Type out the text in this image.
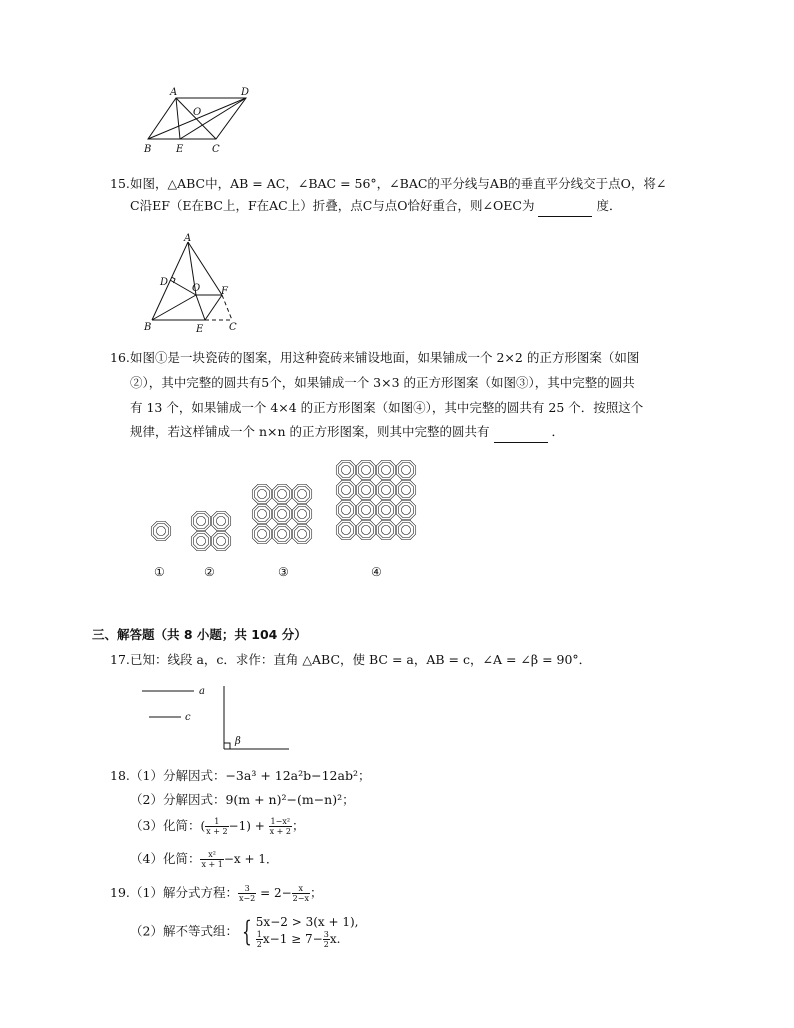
A	D
O
B E	C
15. 如图，△ABC中，AB = AC，∠BAC = 56°，∠BAC的平分线与AB的垂直平分线交于点O，将∠
C沿EF（E在BC上，F在AC上）折叠，点C与点O恰好重合，则∠OEC为	度．
A
D
O F
B	E	C
16. 如图①是一块瓷砖的图案，用这种瓷砖来铺设地面，如果铺成一个 2×2 的正方形图案（如图
②），其中完整的圆共有5个，如果铺成一个 3×3 的正方形图案（如图③），其中完整的圆共
有 13 个，如果铺成一个 4×4 的正方形图案（如图④），其中完整的圆共有 25 个．按照这个
规律，若这样铺成一个 n×n 的正方形图案，则其中完整的圆共有	．
①	②	③	④
三、解答题（共 8 小题；共 104 分）
17. 已知：线段 a，c．求作：直角 △ABC，使 BC = a，AB = c，∠A = ∠β = 90°．
a
c
β
18. （1）分解因式：−3a³ + 12a²b−12ab²；
（2）分解因式：9(m + n)²−(m−n)²；
（3）化简：( $\frac{1}{x + 2} -1) + \frac{\text{1−x²}}{x + 2}$ ；
（4）化简： $\frac{\text{x²}}{x + 1} -x + 1$．
19. （1）解分式方程： $\frac{3}{x-2} = 2- \frac{x}{2-x}$ ；
（2）解不等式组： { 5x−2 > 3(x + 1),
$\frac{1}{2} x-1 \ge 7- \frac{3}{2} x$.
